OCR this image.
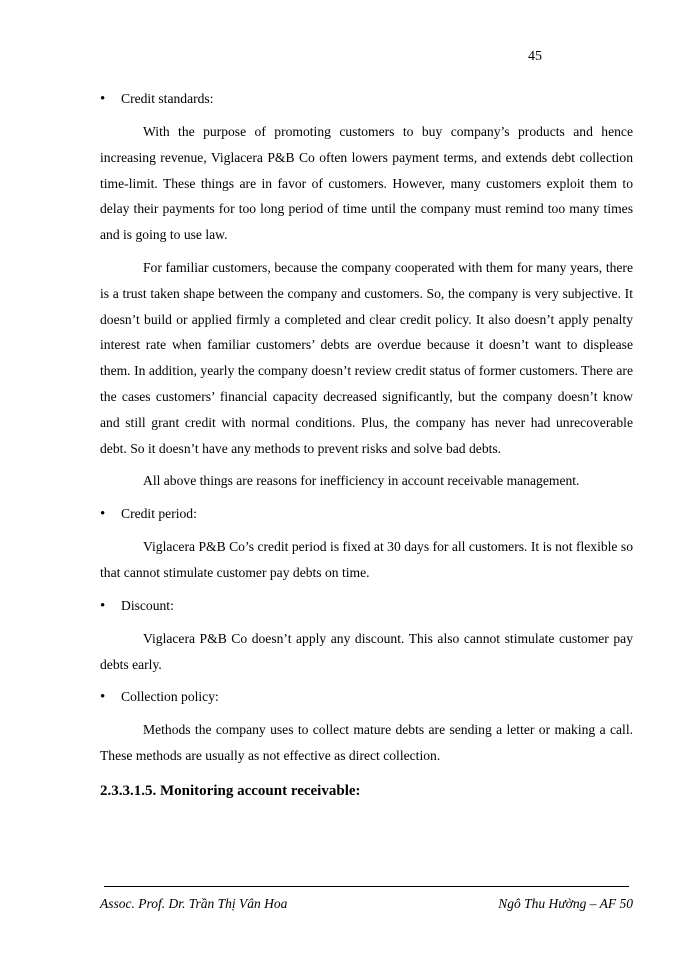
45
• Credit standards:

With the purpose of promoting customers to buy company’s products and hence increasing revenue, Viglacera P&B Co often lowers payment terms, and extends debt collection time-limit. These things are in favor of customers. However, many customers exploit them to delay their payments for too long period of time until the company must remind too many times and is going to use law.

For familiar customers, because the company cooperated with them for many years, there is a trust taken shape between the company and customers. So, the company is very subjective. It doesn’t build or applied firmly a completed and clear credit policy. It also doesn’t apply penalty interest rate when familiar customers’ debts are overdue because it doesn’t want to displease them. In addition, yearly the company doesn’t review credit status of former customers. There are the cases customers’ financial capacity decreased significantly, but the company doesn’t know and still grant credit with normal conditions. Plus, the company has never had unrecoverable debt. So it doesn’t have any methods to prevent risks and solve bad debts.

All above things are reasons for inefficiency in account receivable management.

• Credit period:

Viglacera P&B Co’s credit period is fixed at 30 days for all customers. It is not flexible so that cannot stimulate customer pay debts on time.

• Discount:

Viglacera P&B Co doesn’t apply any discount. This also cannot stimulate customer pay debts early.

• Collection policy:

Methods the company uses to collect mature debts are sending a letter or making a call. These methods are usually as not effective as direct collection.

2.3.3.1.5. Monitoring account receivable:
Assoc. Prof. Dr. Trần Thị Vân Hoa	Ngô Thu Hường – AF 50
